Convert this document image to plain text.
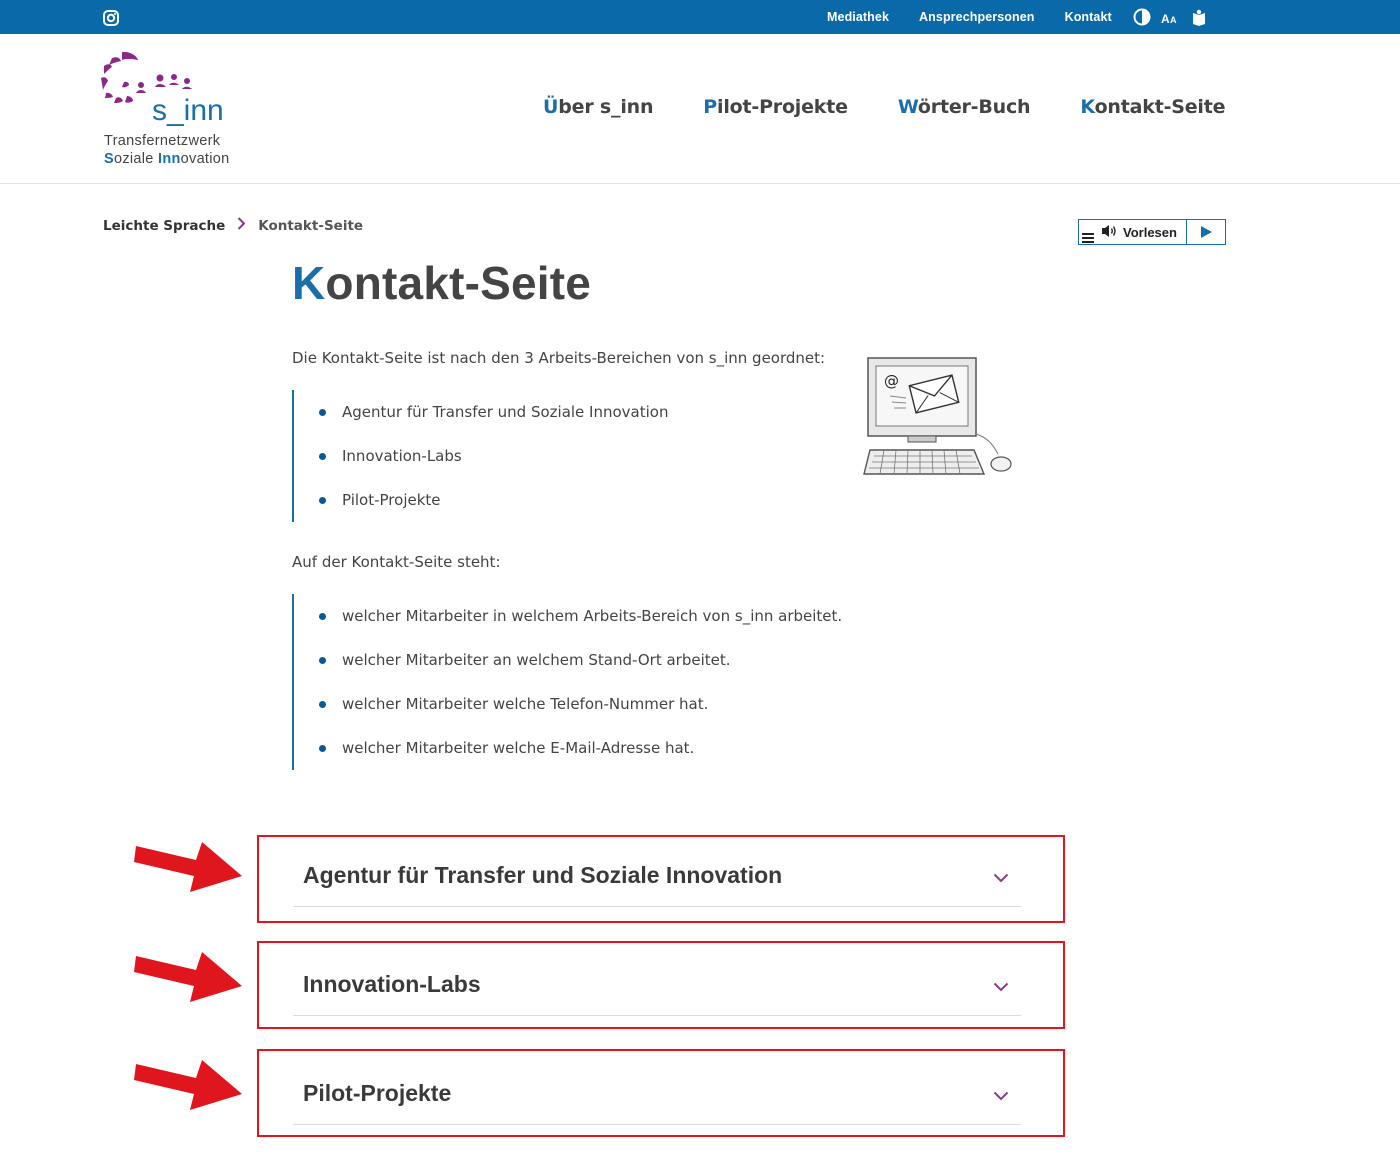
Mediathek Ansprechpersonen Kontakt	A A
s_inn
Transfernetzwerk
Soziale Innovation
Über s_inn	Pilot-Projekte	Wörter-Buch	Kontakt-Seite
Leichte Sprache Kontakt-Seite	Vorlesen
Kontakt-Seite
Die Kontakt-Seite ist nach den 3 Arbeits-Bereichen von s_inn geordnet:
Agentur für Transfer und Soziale Innovation
Innovation-Labs
Pilot-Projekte
@
Auf der Kontakt-Seite steht:
welcher Mitarbeiter in welchem Arbeits-Bereich von s_inn arbeitet.
welcher Mitarbeiter an welchem Stand-Ort arbeitet.
welcher Mitarbeiter welche Telefon-Nummer hat.
welcher Mitarbeiter welche E-Mail-Adresse hat.
Agentur für Transfer und Soziale Innovation
Innovation-Labs
Pilot-Projekte
